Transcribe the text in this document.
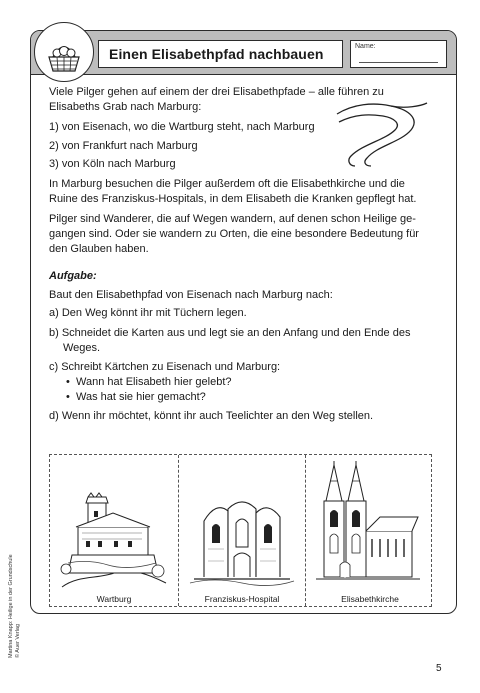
Einen Elisabethpfad nachbauen	Name:
Viele Pilger gehen auf einem der drei Elisabethpfade – alle führen zu
Elisabeths Grab nach Marburg:
1) von Eisenach, wo die Wartburg steht, nach Marburg
2) von Frankfurt nach Marburg
3) von Köln nach Marburg
In Marburg besuchen die Pilger außerdem oft die Elisabethkirche und die
Ruine des Franziskus-Hospitals, in dem Elisabeth die Kranken gepflegt hat.
Pilger sind Wanderer, die auf Wegen wandern, auf denen schon Heilige ge-
gangen sind. Oder sie wandern zu Orten, die eine besondere Bedeutung für
den Glauben haben.
Aufgabe:
Baut den Elisabethpfad von Eisenach nach Marburg nach:
a) Den Weg könnt ihr mit Tüchern legen.
b) Schneidet die Karten aus und legt sie an den Anfang und den Ende des
Weges.
c) Schreibt Kärtchen zu Eisenach und Marburg:
• Wann hat Elisabeth hier gelebt?
• Was hat sie hier gemacht?
d) Wenn ihr möchtet, könnt ihr auch Teelichter an den Weg stellen.
Wartburg	Franziskus-Hospital	Elisabethkirche
Martina Knapp: Heilige in der Grundschule © Auer Verlag
5
